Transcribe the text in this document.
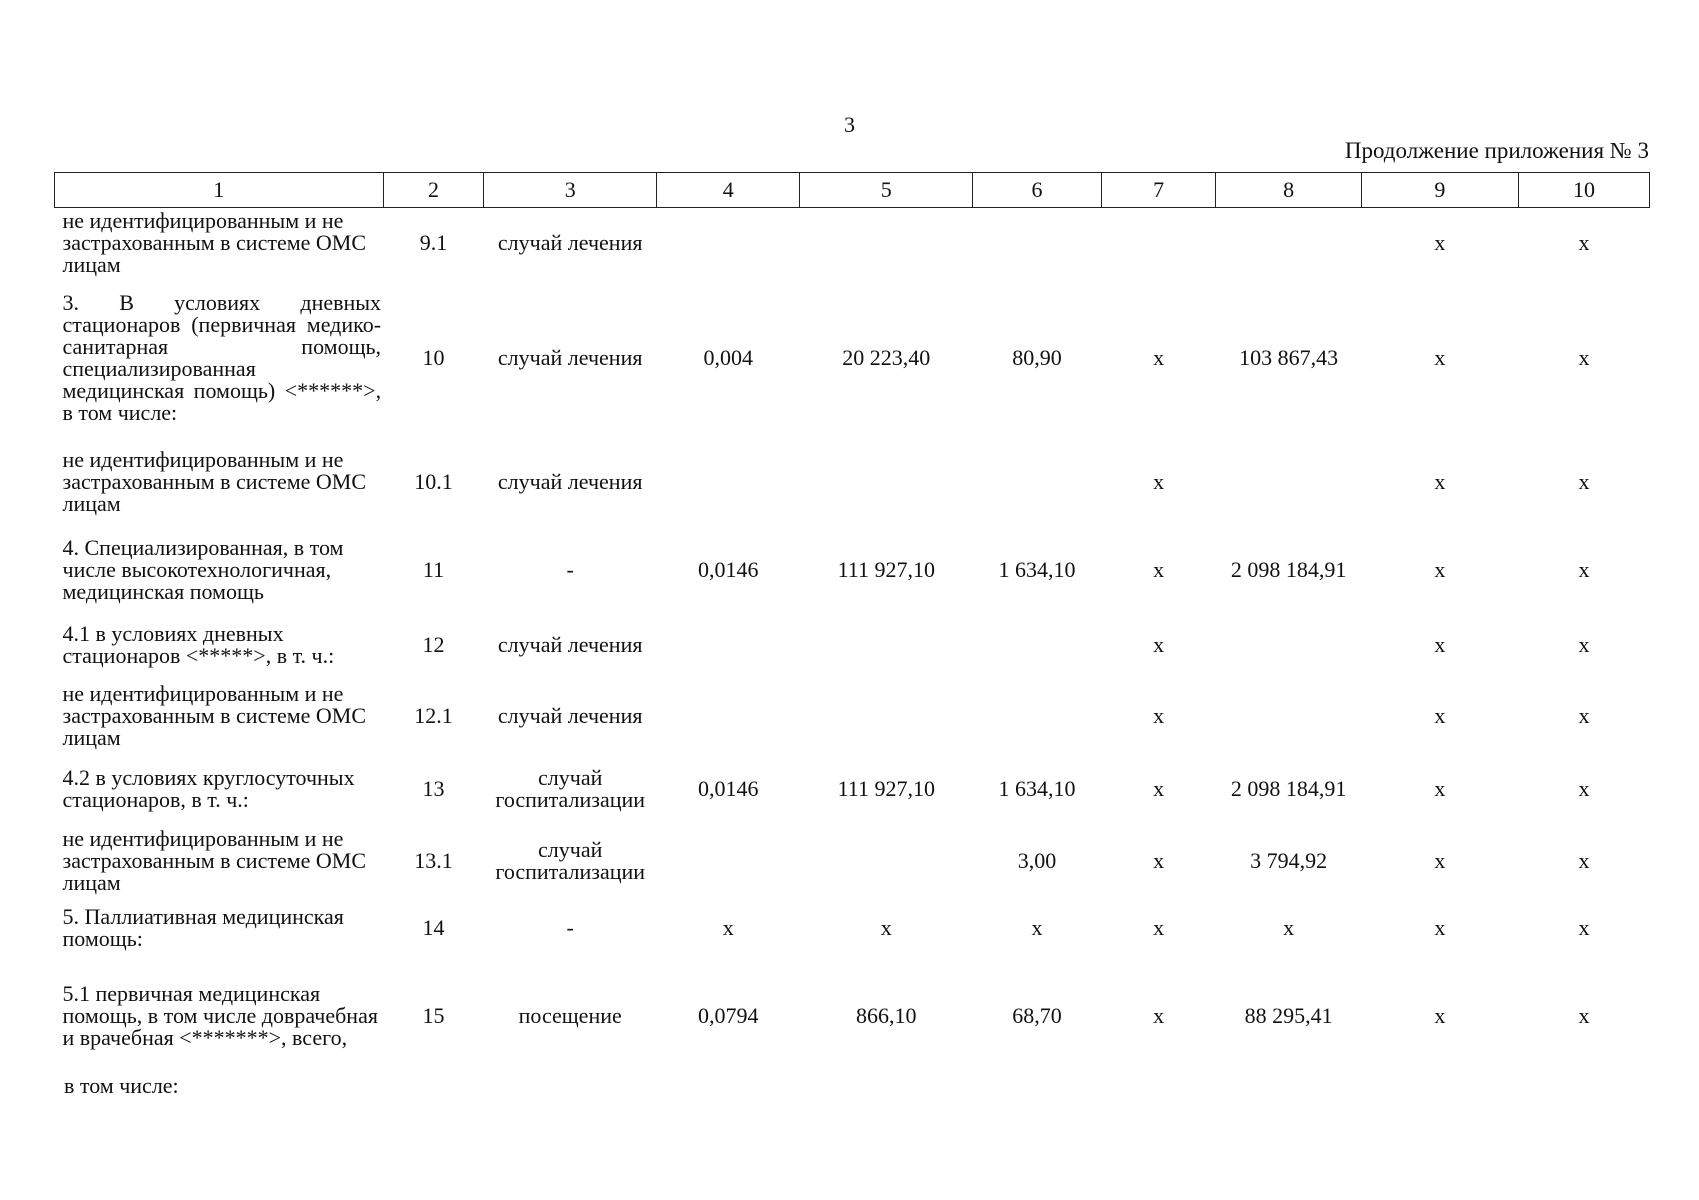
3
Продолжение приложения № 3
1	2	3	4	5	6	7	8	9	10
не идентифицированным и не застрахованным в системе ОМС лицам	9.1	случай лечения						х	х
3. В условиях дневных стационаров (первичная медико-санитарная помощь, специализированная медицинская помощь) <******>, в том числе:	10	случай лечения	0,004	20 223,40	80,90	х	103 867,43	х	х
не идентифицированным и не застрахованным в системе ОМС лицам	10.1	случай лечения				х		х	х
4. Специализированная, в том числе высокотехнологичная, медицинская помощь	11	-	0,0146	111 927,10	1 634,10	х	2 098 184,91	х	х
4.1 в условиях дневных стационаров <*****>, в т. ч.:	12	случай лечения				х		х	х
не идентифицированным и не застрахованным в системе ОМС лицам	12.1	случай лечения				х		х	х
4.2 в условиях круглосуточных стационаров, в т. ч.:	13	случай госпитализации	0,0146	111 927,10	1 634,10	х	2 098 184,91	х	х
не идентифицированным и не застрахованным в системе ОМС лицам	13.1	случай госпитализации			3,00	х	3 794,92	х	х
5. Паллиативная медицинская помощь:	14	-	х	х	х	х	х	х	х
5.1 первичная медицинская помощь, в том числе доврачебная и врачебная <*******>, всего,	15	посещение	0,0794	866,10	68,70	х	88 295,41	х	х
в том числе:
